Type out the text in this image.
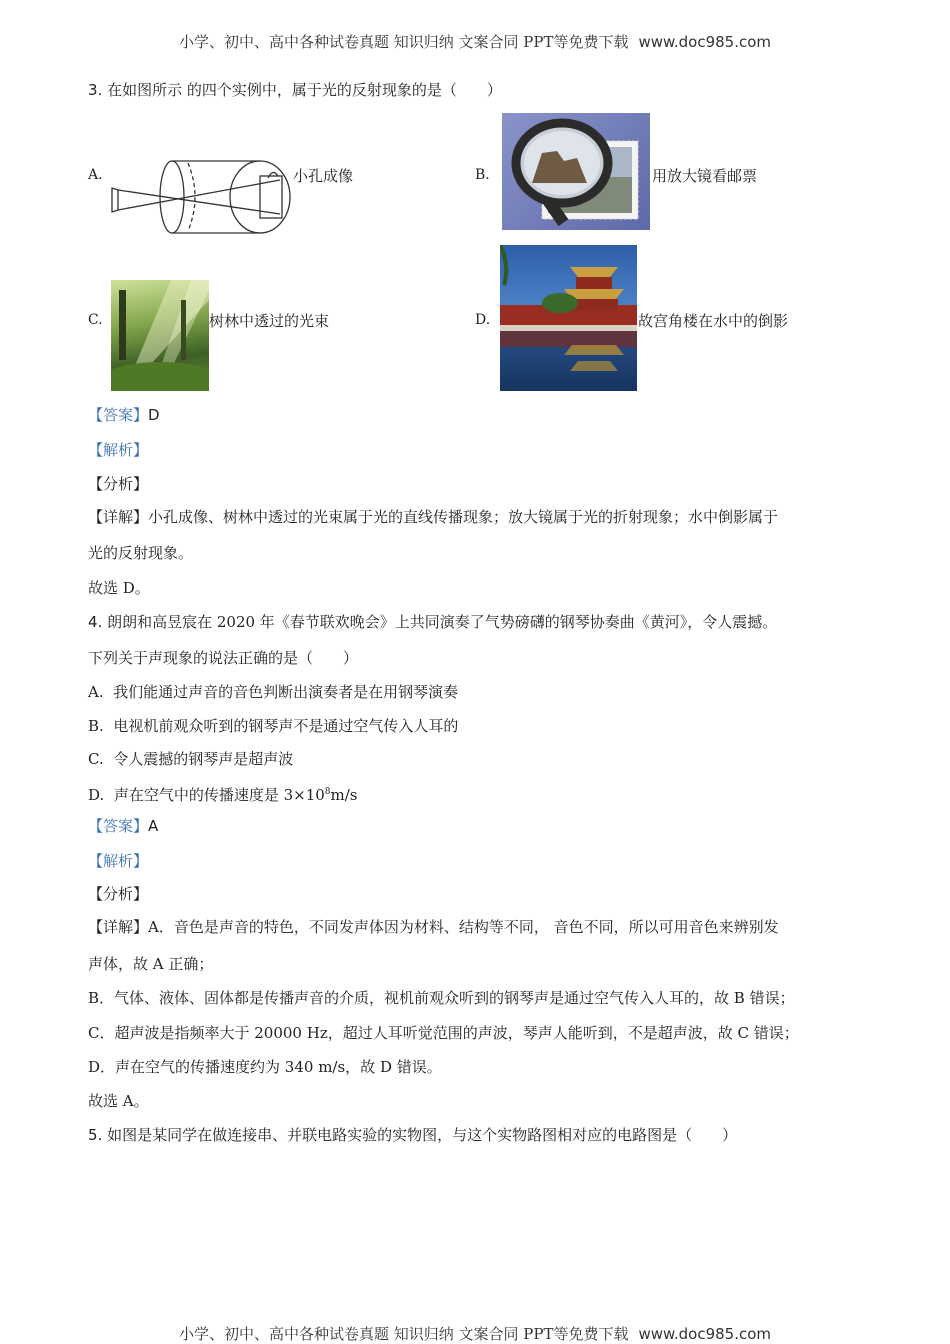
小学、初中、高中各种试卷真题 知识归纳 文案合同 PPT等免费下载 www.doc985.com
3. 在如图所示 的四个实例中，属于光的反射现象的是（　　）
A.	小孔成像	B.	用放大镜看邮票
C.	树林中透过的光束	D.	故宫角楼在水中的倒影
【答案】D
【解析】
【分析】
【详解】小孔成像、树林中透过的光束属于光的直线传播现象；放大镜属于光的折射现象；水中倒影属于
光的反射现象。
故选 D。
4. 朗朗和高昱宸在 2020 年《春节联欢晚会》上共同演奏了气势磅礴的钢琴协奏曲《黄河》，令人震撼。
下列关于声现象的说法正确的是（　　）
A. 我们能通过声音的音色判断出演奏者是在用钢琴演奏
B. 电视机前观众听到的钢琴声不是通过空气传入人耳的
C. 令人震撼的钢琴声是超声波
D. 声在空气中的传播速度是 $3\times 10^8m/s$
【答案】A
【解析】
【分析】
【详解】A．音色是声音的特色，不同发声体因为材料、结构等不同， 音色不同，所以可用音色来辨别发
声体，故 A 正确；
B．气体、液体、固体都是传播声音的介质，视机前观众听到的钢琴声是通过空气传入人耳的，故 B 错误；
C．超声波是指频率大于 20000 Hz，超过人耳听觉范围的声波，琴声人能听到，不是超声波，故 C 错误；
D．声在空气的传播速度约为 340 m/s，故 D 错误。
故选 A。
5. 如图是某同学在做连接串、并联电路实验的实物图，与这个实物路图相对应的电路图是（　　）
小学、初中、高中各种试卷真题 知识归纳 文案合同 PPT等免费下载 www.doc985.com
